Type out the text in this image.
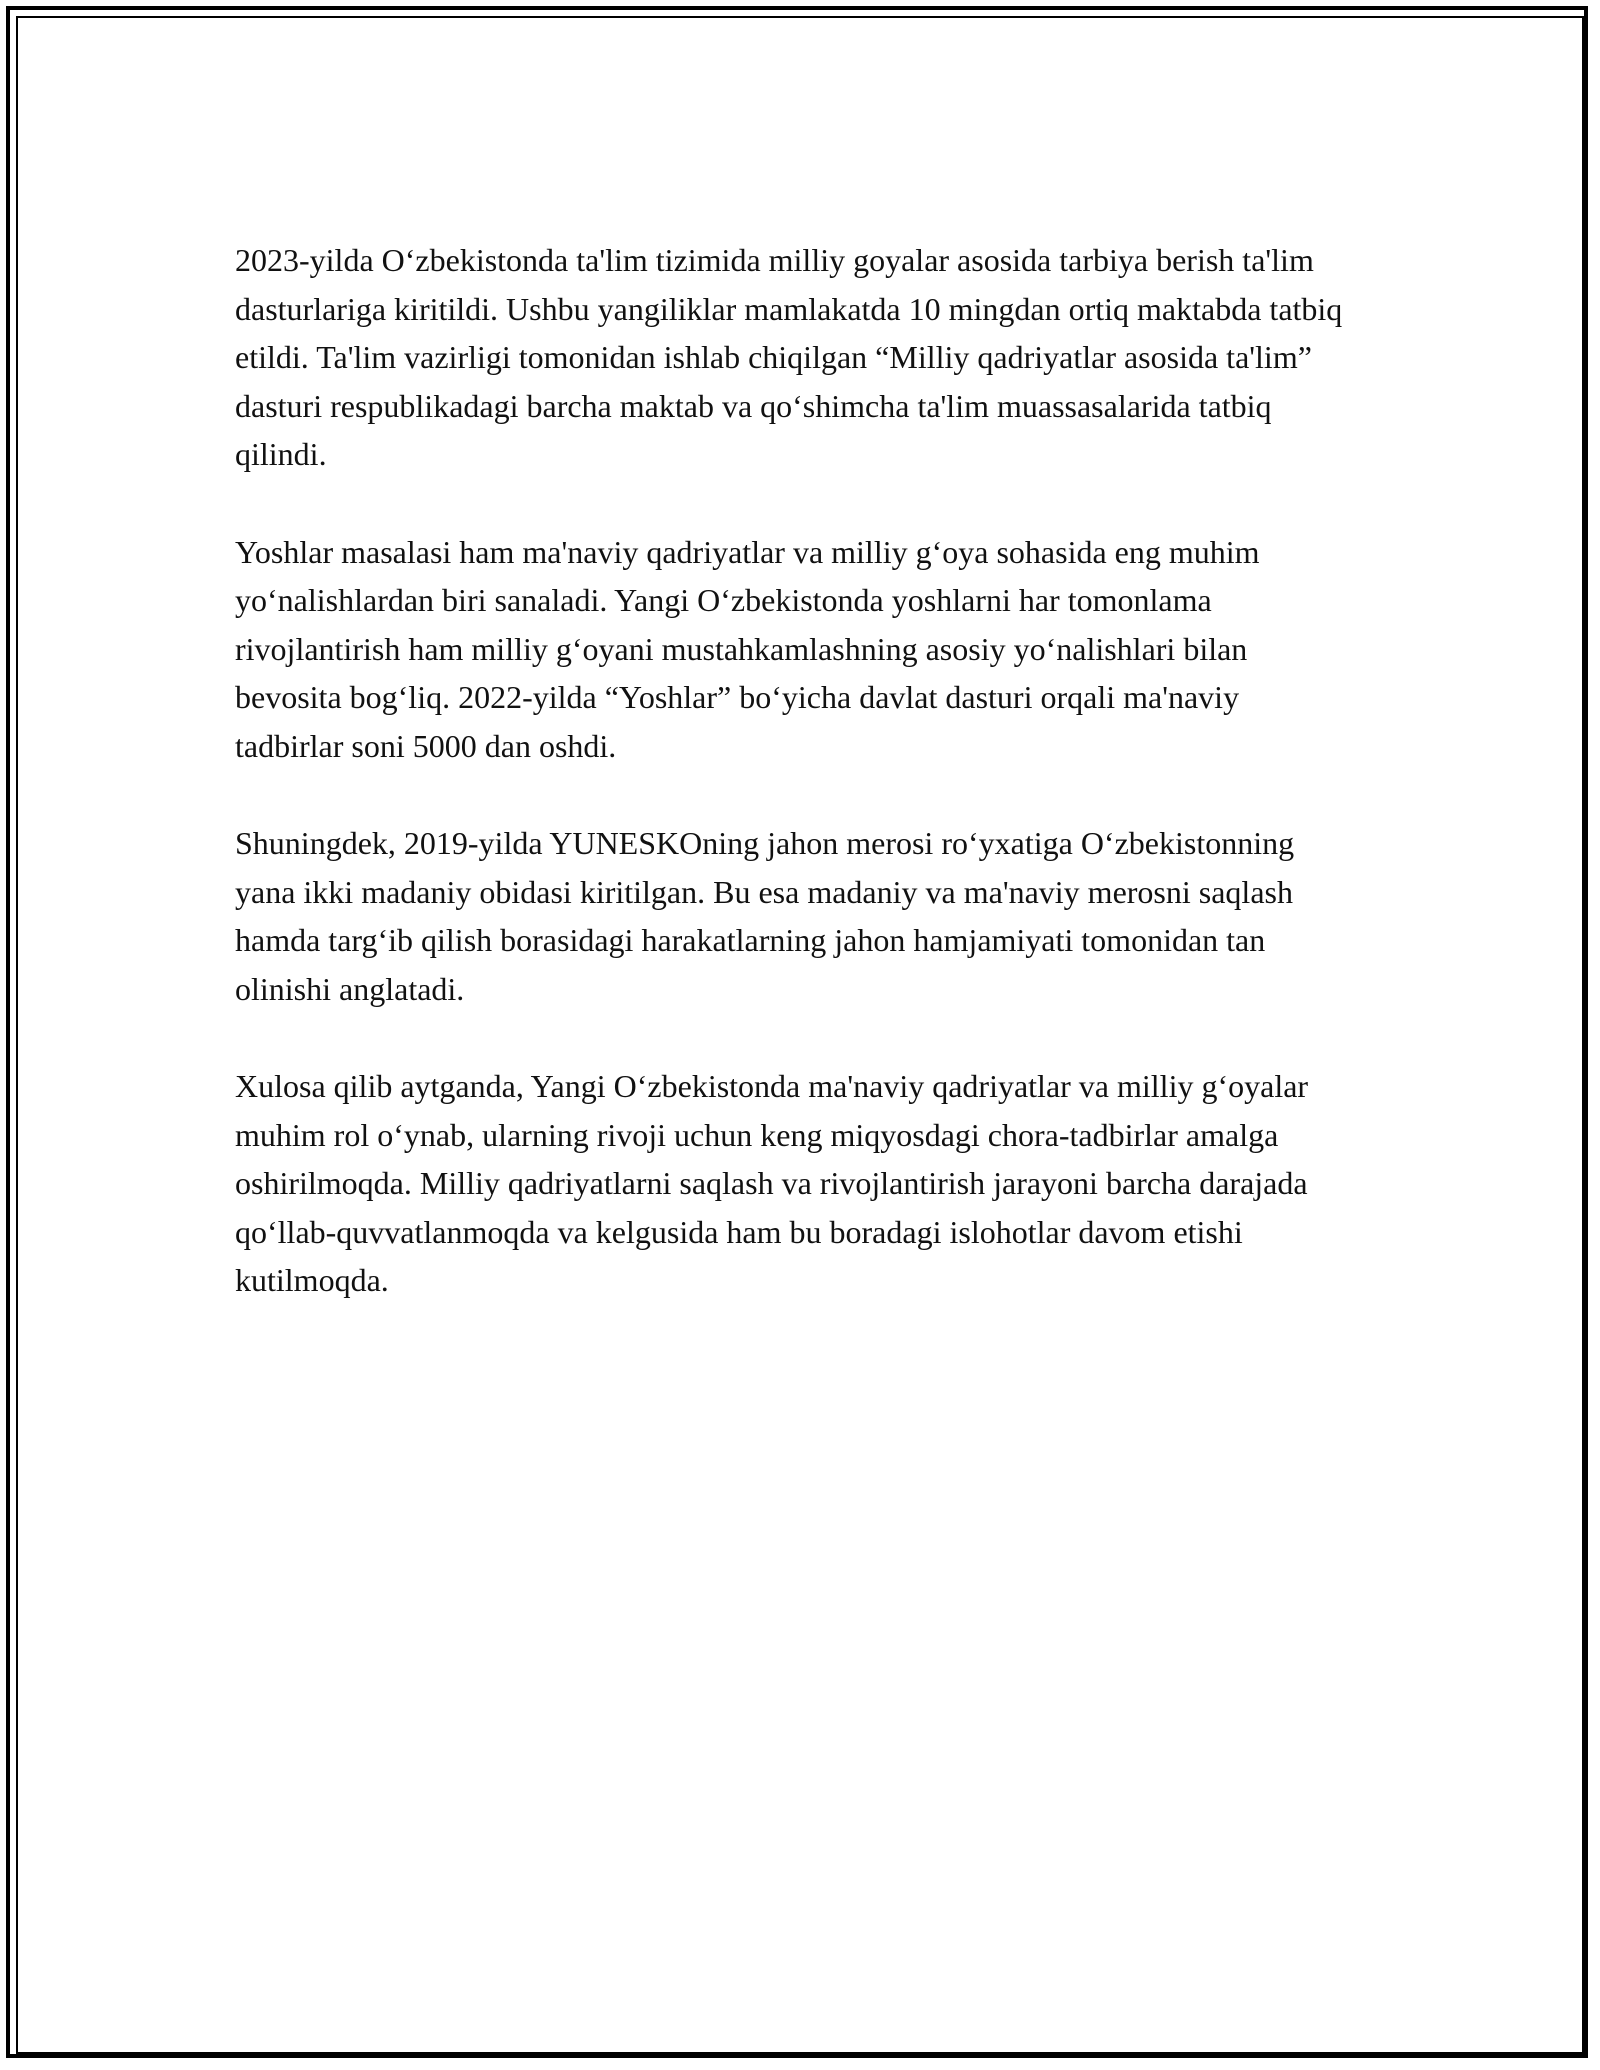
2023-yilda O‘zbekistonda ta'lim tizimida milliy goyalar asosida tarbiya berish ta'lim dasturlariga kiritildi. Ushbu yangiliklar mamlakatda 10 mingdan ortiq maktabda tatbiq etildi. Ta'lim vazirligi tomonidan ishlab chiqilgan “Milliy qadriyatlar asosida ta'lim” dasturi respublikadagi barcha maktab va qo‘shimcha ta'lim muassasalarida tatbiq qilindi.

Yoshlar masalasi ham ma'naviy qadriyatlar va milliy g‘oya sohasida eng muhim yo‘nalishlardan biri sanaladi. Yangi O‘zbekistonda yoshlarni har tomonlama rivojlantirish ham milliy g‘oyani mustahkamlashning asosiy yo‘nalishlari bilan bevosita bog‘liq. 2022-yilda “Yoshlar” bo‘yicha davlat dasturi orqali ma'naviy tadbirlar soni 5000 dan oshdi.

Shuningdek, 2019-yilda YUNESKOning jahon merosi ro‘yxatiga O‘zbekistonning yana ikki madaniy obidasi kiritilgan. Bu esa madaniy va ma'naviy merosni saqlash hamda targ‘ib qilish borasidagi harakatlarning jahon hamjamiyati tomonidan tan olinishi anglatadi.

Xulosa qilib aytganda, Yangi O‘zbekistonda ma'naviy qadriyatlar va milliy g‘oyalar muhim rol o‘ynab, ularning rivoji uchun keng miqyosdagi chora-tadbirlar amalga oshirilmoqda. Milliy qadriyatlarni saqlash va rivojlantirish jarayoni barcha darajada qo‘llab-quvvatlanmoqda va kelgusida ham bu boradagi islohotlar davom etishi kutilmoqda.
